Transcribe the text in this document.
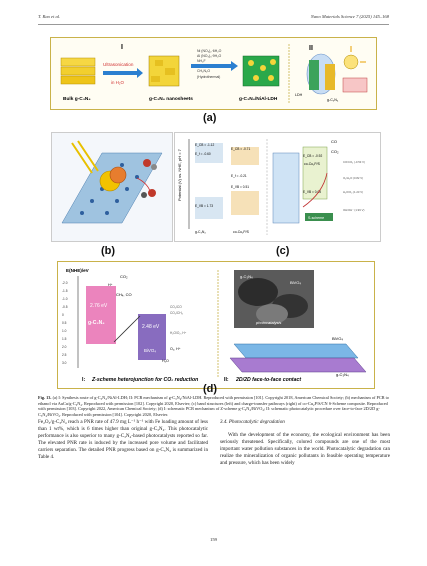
T. Rao et al.	Nano Materials Science 7 (2025) 145–168
I	II
Bulk g-C₃N₄
Ultrasonication
in H₂O
g-C₃N₄ nanosheets
Ni (NO₃)₂·6H₂O
Al (NO₃)₃·9H₂O
NH₄F
CH₄N₂O
(Hydrothermal)
g-C₃N₄/NiAl-LDH
LDH
g-C₃N₄
(a)
(b)
Potential (V) vs. NHE, pH = 7
E_CB = -1.12
E_f = -0.60
E_VB = 1.73
E_CB = -0.71
E_f = -0.21
E_VB = 0.51
g-C₃N₄	co-Cu₂P/S
E_CB = -0.92
E_VB = 0.05
co-Cu₂P/S
S-scheme
CO
CO₂
CO/CO₂ (-0.53 V)
O₂/H₂O (0.82 V)
H₂O/O₂ (1.23 V)
OH/OH⁻ (1.99 V)
(c)
E(NHE)/eV
-2.0
-1.5
-1.0
-0.5
0
0.5
1.0
1.5
2.0
2.5
3.0
g-C₃N₄
2.76 eV
2.48 eV
BiVO₄
CO₂
CH₄, CO
H⁺
CO₂/CO
CO₂/CH₄
H₂O/O₂, H⁺
O₂, H⁺
H₂O
g-C₃N₄
BiVO₄
photocatalysis
BiVO₄
g-C₃N₄
I: Z-scheme heterojunction for CO₂ reduction	II: 2D/2D face-to-face contact
(d)
Fig. 13. (a) I: Synthesis route of g-C₃N₄/NiAl-LDH; II: PCR mechanism of g-C₃N₄/NiAl-LDH. Reproduced with permission [101]. Copyright 2018, American Chemical Society; (b) mechanism of PCR to ethanol via AuCu/g-C₃N₄. Reproduced with permission [102]. Copyright 2020, Elsevier; (c) band structures (left) and charge-transfer pathways (right) of co-Cu₂P/S/CN S-Scheme composite. Reproduced with permission [103]. Copyright 2022, American Chemical Society; (d) I: schematic PCR mechanism of Z-scheme g-C₃N₄/BiVO₄; II: schematic photocatalytic procedure over face-to-face 2D/2D g-C₃N₄/BiVO₄. Reproduced with permission [104]. Copyright 2020, Elsevier.

Fe₂O₃/g-C₃N₄ reach a PNR rate of 47.9 mg L⁻¹ h⁻¹ with Fe loading amount of less than 1 wt%, which is 6 times higher than original g-C₃N₄. This photocatalytic performance is also superior to many g-C₃N₄-based photocatalysts reported so far. The elevated PNR rate is induced by the increased pore volume and facilitated carriers separation. The detailed PNR progress based on g-C₃N₄ is summarized in Table 4.

3.4. Photocatalytic degradation

With the development of the economy, the ecological environment has been seriously threatened. Specifically, colored compounds are one of the most important water pollution substances in the world. Photocatalytic degradation can realize the mineralization of organic pollutants in feasible operating temperature and pressure, which has been widely

159
